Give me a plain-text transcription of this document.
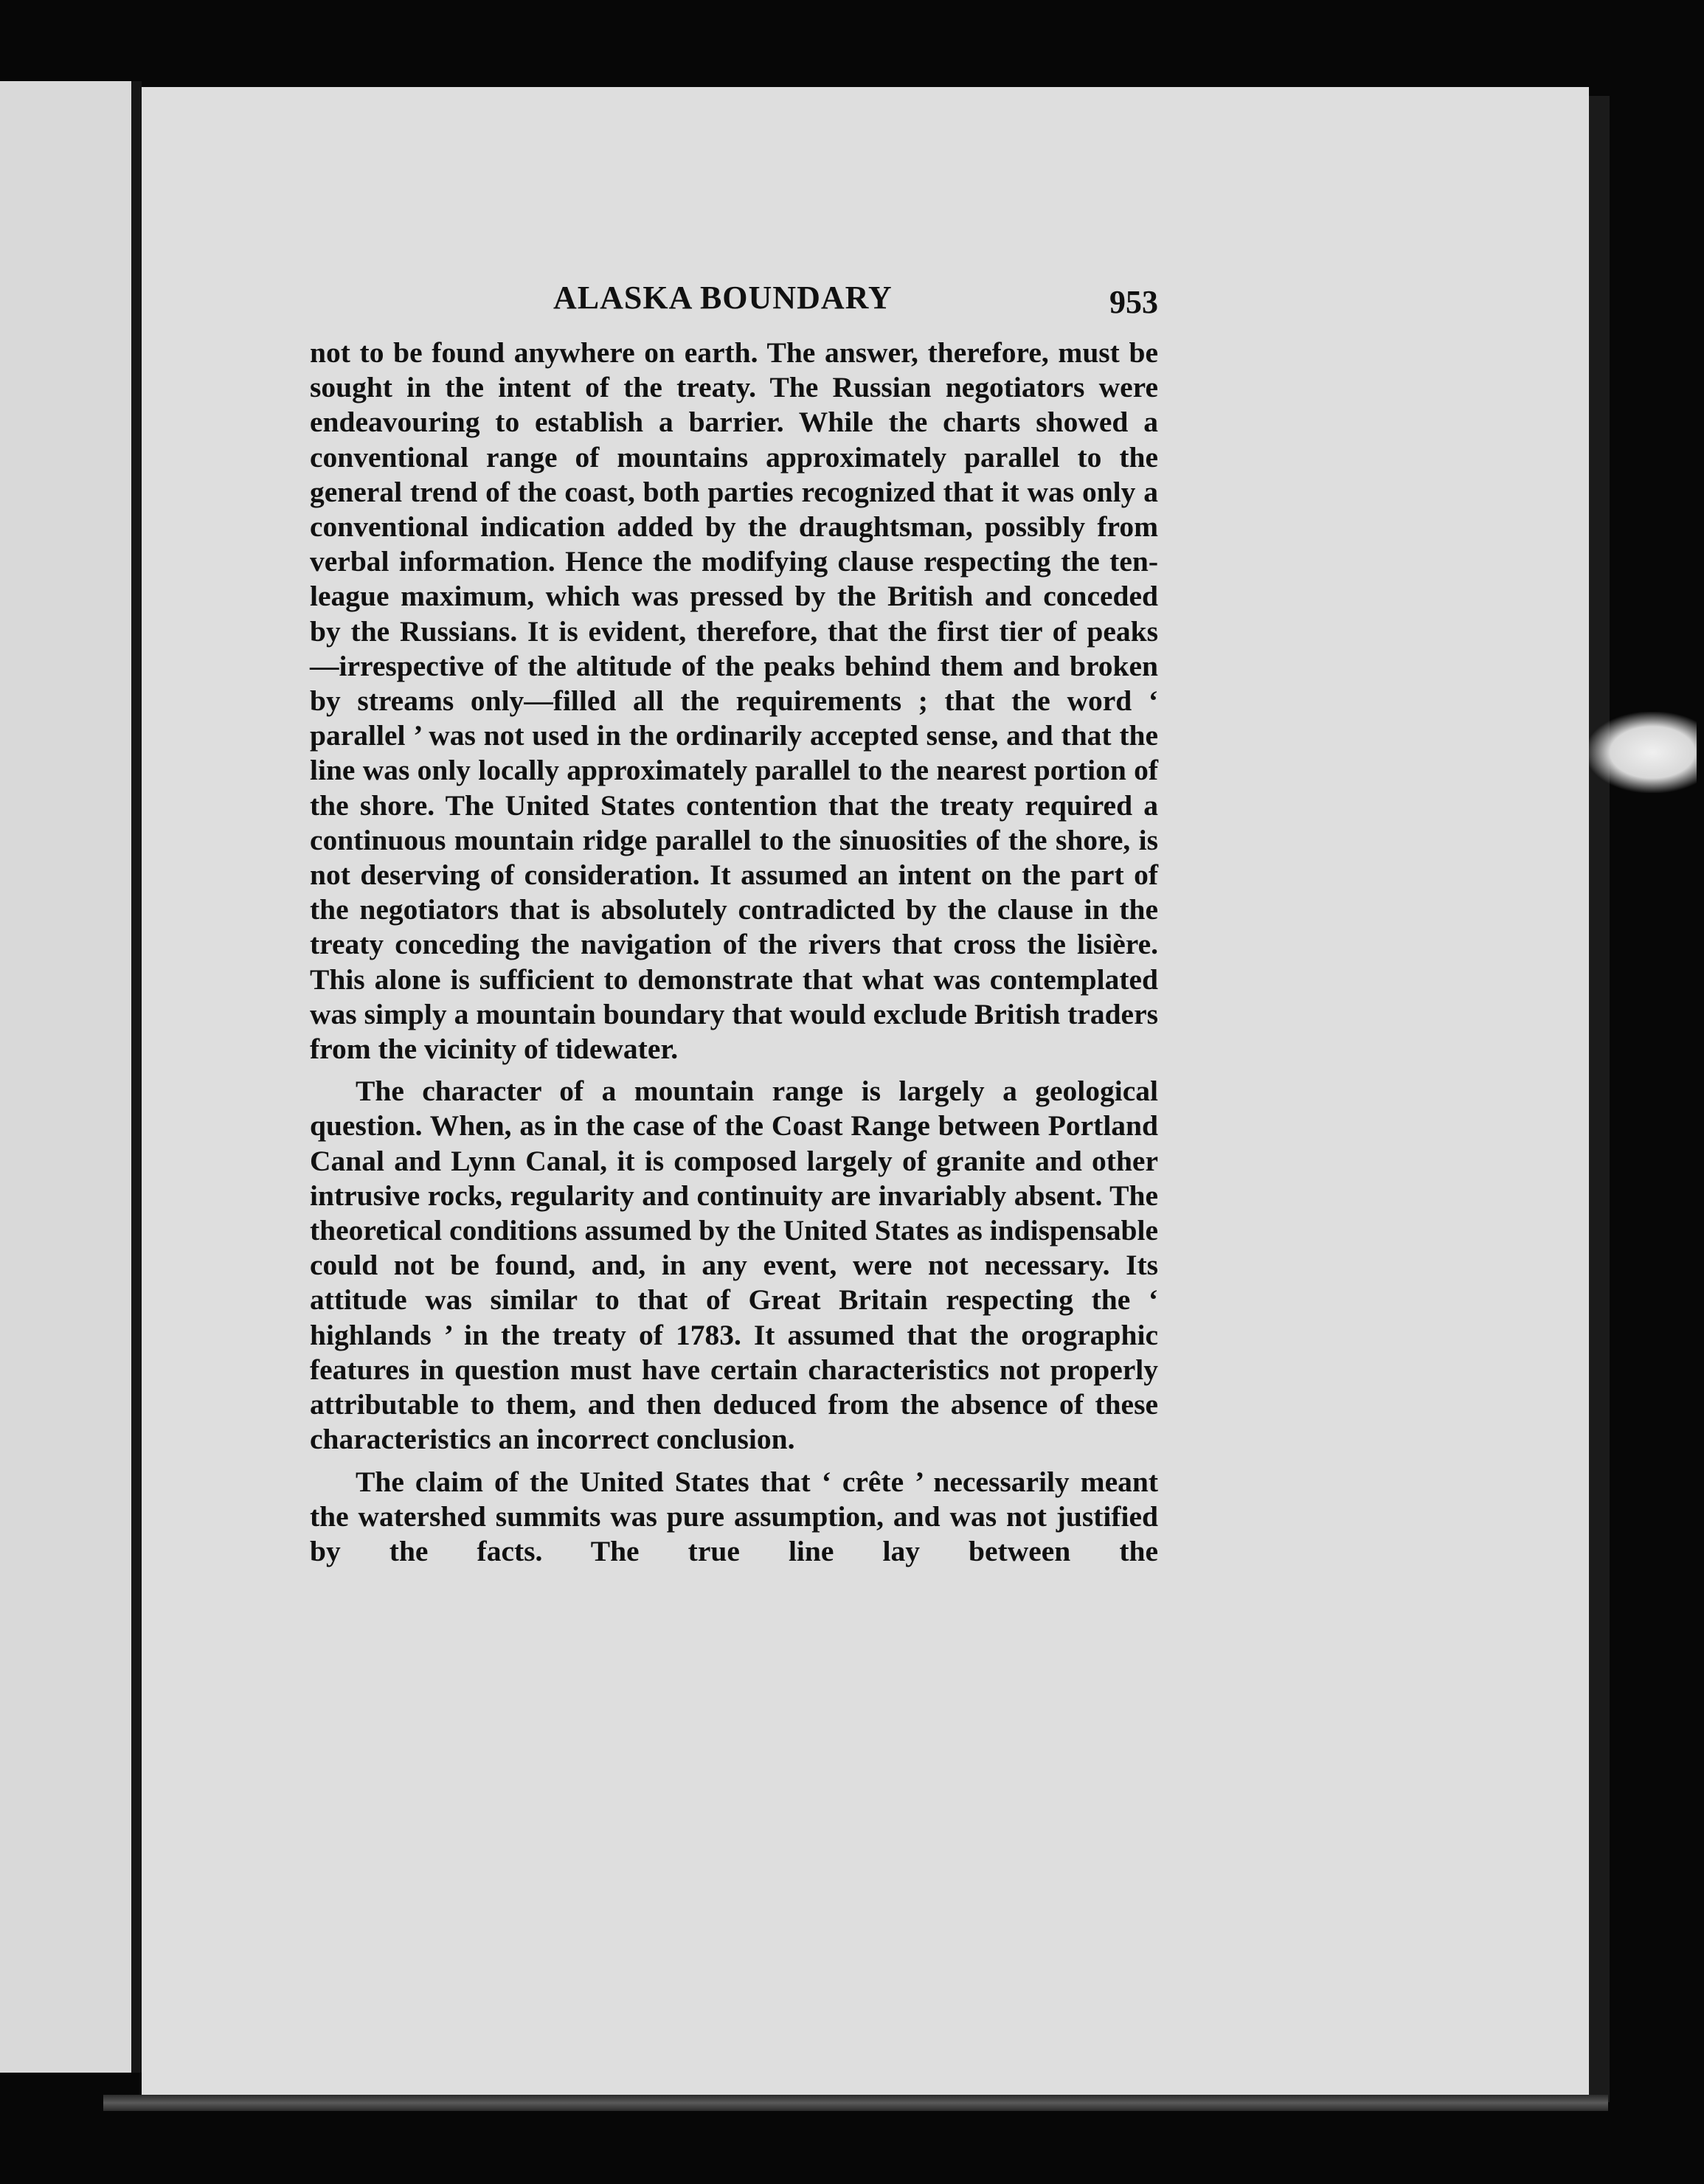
ALASKA BOUNDARY	953

not to be found anywhere on earth. The answer, therefore, must be sought in the intent of the treaty. The Russian negotiators were endeavouring to establish a barrier. While the charts showed a conventional range of mountains approximately parallel to the general trend of the coast, both parties recognized that it was only a conventional indication added by the draughtsman, possibly from verbal information. Hence the modifying clause respecting the ten-league maximum, which was pressed by the British and conceded by the Russians. It is evident, therefore, that the first tier of peaks —irrespective of the altitude of the peaks behind them and broken by streams only—filled all the requirements ; that the word ‘ parallel ’ was not used in the ordinarily accepted sense, and that the line was only locally approximately parallel to the nearest portion of the shore. The United States contention that the treaty required a continuous mountain ridge parallel to the sinuosities of the shore, is not deserving of consideration. It assumed an intent on the part of the negotiators that is absolutely contradicted by the clause in the treaty conceding the navigation of the rivers that cross the lisière. This alone is sufficient to demonstrate that what was contemplated was simply a mountain boundary that would exclude British traders from the vicinity of tidewater.

The character of a mountain range is largely a geological question. When, as in the case of the Coast Range between Portland Canal and Lynn Canal, it is composed largely of granite and other intrusive rocks, regularity and continuity are invariably absent. The theoretical conditions assumed by the United States as indispensable could not be found, and, in any event, were not necessary. Its attitude was similar to that of Great Britain respecting the ‘ highlands ’ in the treaty of 1783. It assumed that the orographic features in question must have certain characteristics not properly attributable to them, and then deduced from the absence of these characteristics an incorrect conclusion.

The claim of the United States that ‘ crête ’ necessarily meant the watershed summits was pure assumption, and was not justified by the facts. The true line lay between the
